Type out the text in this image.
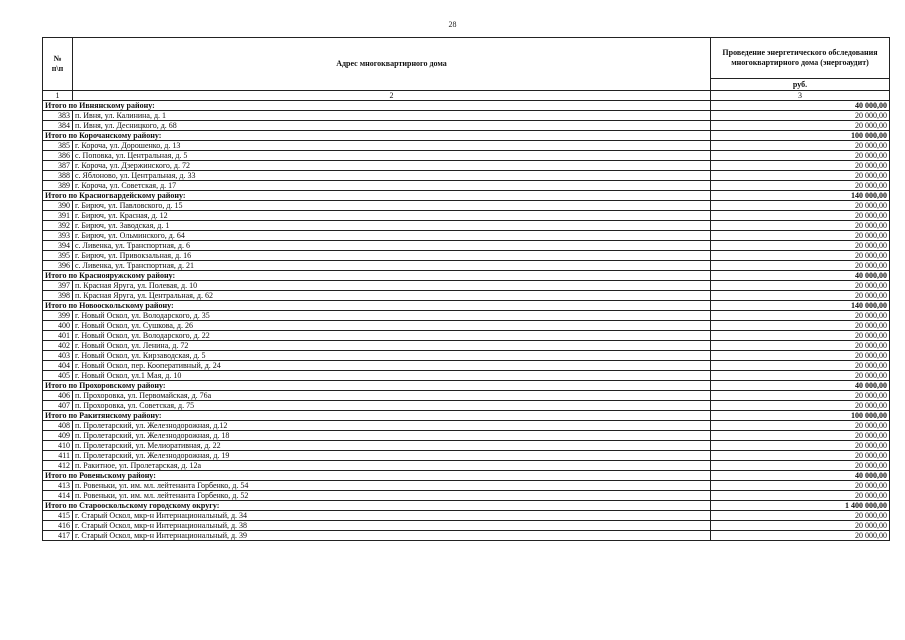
28
№ п\п	Адрес многоквартирного дома	Проведение энергетического обследования многоквартирного дома (энергоаудит)
		руб.
1	2	3
Итого по Ивнянскому району:		40 000,00
383	п. Ивня, ул. Калинина, д. 1	20 000,00
384	п. Ивня, ул. Десницкого, д. 68	20 000,00
Итого по Корочанскому району:		100 000,00
385	г. Короча, ул. Дорошенко, д. 13	20 000,00
386	с. Поповка, ул. Центральная, д. 5	20 000,00
387	г. Короча, ул. Дзержинского, д. 72	20 000,00
388	с. Яблоново, ул. Центральная, д. 33	20 000,00
389	г. Короча, ул. Советская, д. 17	20 000,00
Итого по Красногвардейскому району:		140 000,00
390	г. Бирюч, ул. Павловского, д. 15	20 000,00
391	г. Бирюч, ул. Красная, д. 12	20 000,00
392	г. Бирюч, ул. Заводская, д. 1	20 000,00
393	г. Бирюч, ул. Ольминского, д. 64	20 000,00
394	с. Ливенка, ул. Транспортная, д. 6	20 000,00
395	г. Бирюч, ул. Привокзальная, д. 16	20 000,00
396	с. Ливенка, ул. Транспортная, д. 21	20 000,00
Итого по Краснояружскому району:		40 000,00
397	п. Красная Яруга, ул. Полевая, д. 10	20 000,00
398	п. Красная Яруга, ул. Центральная, д. 62	20 000,00
Итого по Новооскольскому району:		140 000,00
399	г. Новый Оскол, ул. Володарского, д. 35	20 000,00
400	г. Новый Оскол, ул. Сушкова, д. 26	20 000,00
401	г. Новый Оскол, ул. Володарского, д. 22	20 000,00
402	г. Новый Оскол, ул. Ленина, д. 72	20 000,00
403	г. Новый Оскол, ул. Кирзаводская, д. 5	20 000,00
404	г. Новый Оскол, пер. Кооперативный, д. 24	20 000,00
405	г. Новый Оскол, ул.1 Мая, д. 10	20 000,00
Итого по Прохоровскому району:		40 000,00
406	п. Прохоровка, ул. Первомайская, д. 76а	20 000,00
407	п. Прохоровка, ул. Советская, д. 75	20 000,00
Итого по Ракитянскому району:		100 000,00
408	п. Пролетарский, ул. Железнодорожная, д.12	20 000,00
409	п. Пролетарский, ул. Железнодорожная, д. 18	20 000,00
410	п. Пролетарский, ул. Мелиоративная, д. 22	20 000,00
411	п. Пролетарский, ул. Железнодорожная, д. 19	20 000,00
412	п. Ракитное, ул. Пролетарская, д. 12а	20 000,00
Итого по Ровеньскому району:		40 000,00
413	п. Ровеньки, ул. им. мл. лейтенанта Горбенко, д. 54	20 000,00
414	п. Ровеньки, ул. им. мл. лейтенанта Горбенко, д. 52	20 000,00
Итого по Старооскольскому городскому округу:		1 400 000,00
415	г. Старый Оскол, мкр-н Интернациональный, д. 34	20 000,00
416	г. Старый Оскол, мкр-н Интернациональный, д. 38	20 000,00
417	г. Старый Оскол, мкр-н Интернациональный, д. 39	20 000,00
